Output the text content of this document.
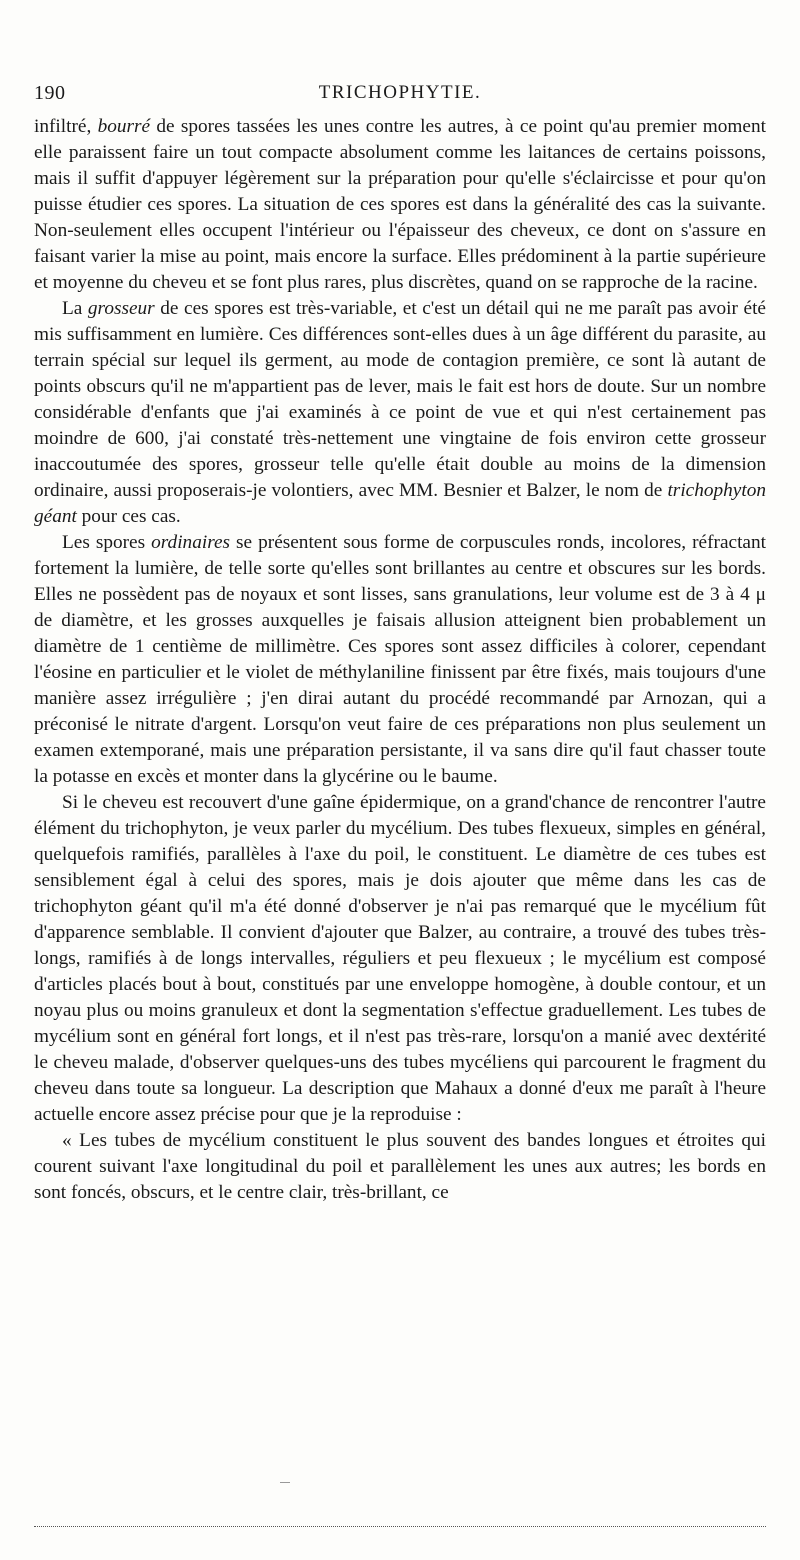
190	TRICHOPHYTIE.

infiltré, bourré de spores tassées les unes contre les autres, à ce point qu'au premier moment elle paraissent faire un tout compacte absolument comme les laitances de certains poissons, mais il suffit d'appuyer légèrement sur la préparation pour qu'elle s'éclaircisse et pour qu'on puisse étudier ces spores. La situation de ces spores est dans la généralité des cas la suivante. Non-seulement elles occupent l'intérieur ou l'épaisseur des cheveux, ce dont on s'assure en faisant varier la mise au point, mais encore la surface. Elles prédominent à la partie supérieure et moyenne du cheveu et se font plus rares, plus discrètes, quand on se rapproche de la racine.

La grosseur de ces spores est très-variable, et c'est un détail qui ne me paraît pas avoir été mis suffisamment en lumière. Ces différences sont-elles dues à un âge différent du parasite, au terrain spécial sur lequel ils germent, au mode de contagion première, ce sont là autant de points obscurs qu'il ne m'appartient pas de lever, mais le fait est hors de doute. Sur un nombre considérable d'enfants que j'ai examinés à ce point de vue et qui n'est certainement pas moindre de 600, j'ai constaté très-nettement une vingtaine de fois environ cette grosseur inaccoutumée des spores, grosseur telle qu'elle était double au moins de la dimension ordinaire, aussi proposerais-je volontiers, avec MM. Besnier et Balzer, le nom de trichophyton géant pour ces cas.

Les spores ordinaires se présentent sous forme de corpuscules ronds, incolores, réfractant fortement la lumière, de telle sorte qu'elles sont brillantes au centre et obscures sur les bords. Elles ne possèdent pas de noyaux et sont lisses, sans granulations, leur volume est de 3 à 4 μ de diamètre, et les grosses auxquelles je faisais allusion atteignent bien probablement un diamètre de 1 centième de millimètre. Ces spores sont assez difficiles à colorer, cependant l'éosine en particulier et le violet de méthylaniline finissent par être fixés, mais toujours d'une manière assez irrégulière ; j'en dirai autant du procédé recommandé par Arnozan, qui a préconisé le nitrate d'argent. Lorsqu'on veut faire de ces préparations non plus seulement un examen extemporané, mais une préparation persistante, il va sans dire qu'il faut chasser toute la potasse en excès et monter dans la glycérine ou le baume.

Si le cheveu est recouvert d'une gaîne épidermique, on a grand'chance de rencontrer l'autre élément du trichophyton, je veux parler du mycélium. Des tubes flexueux, simples en général, quelquefois ramifiés, parallèles à l'axe du poil, le constituent. Le diamètre de ces tubes est sensiblement égal à celui des spores, mais je dois ajouter que même dans les cas de trichophyton géant qu'il m'a été donné d'observer je n'ai pas remarqué que le mycélium fût d'apparence semblable. Il convient d'ajouter que Balzer, au contraire, a trouvé des tubes très-longs, ramifiés à de longs intervalles, réguliers et peu flexueux ; le mycélium est composé d'articles placés bout à bout, constitués par une enveloppe homogène, à double contour, et un noyau plus ou moins granuleux et dont la segmentation s'effectue graduellement. Les tubes de mycélium sont en général fort longs, et il n'est pas très-rare, lorsqu'on a manié avec dextérité le cheveu malade, d'observer quelques-uns des tubes mycéliens qui parcourent le fragment du cheveu dans toute sa longueur. La description que Mahaux a donné d'eux me paraît à l'heure actuelle encore assez précise pour que je la reproduise :

« Les tubes de mycélium constituent le plus souvent des bandes longues et étroites qui courent suivant l'axe longitudinal du poil et parallèlement les unes aux autres; les bords en sont foncés, obscurs, et le centre clair, très-brillant, ce
